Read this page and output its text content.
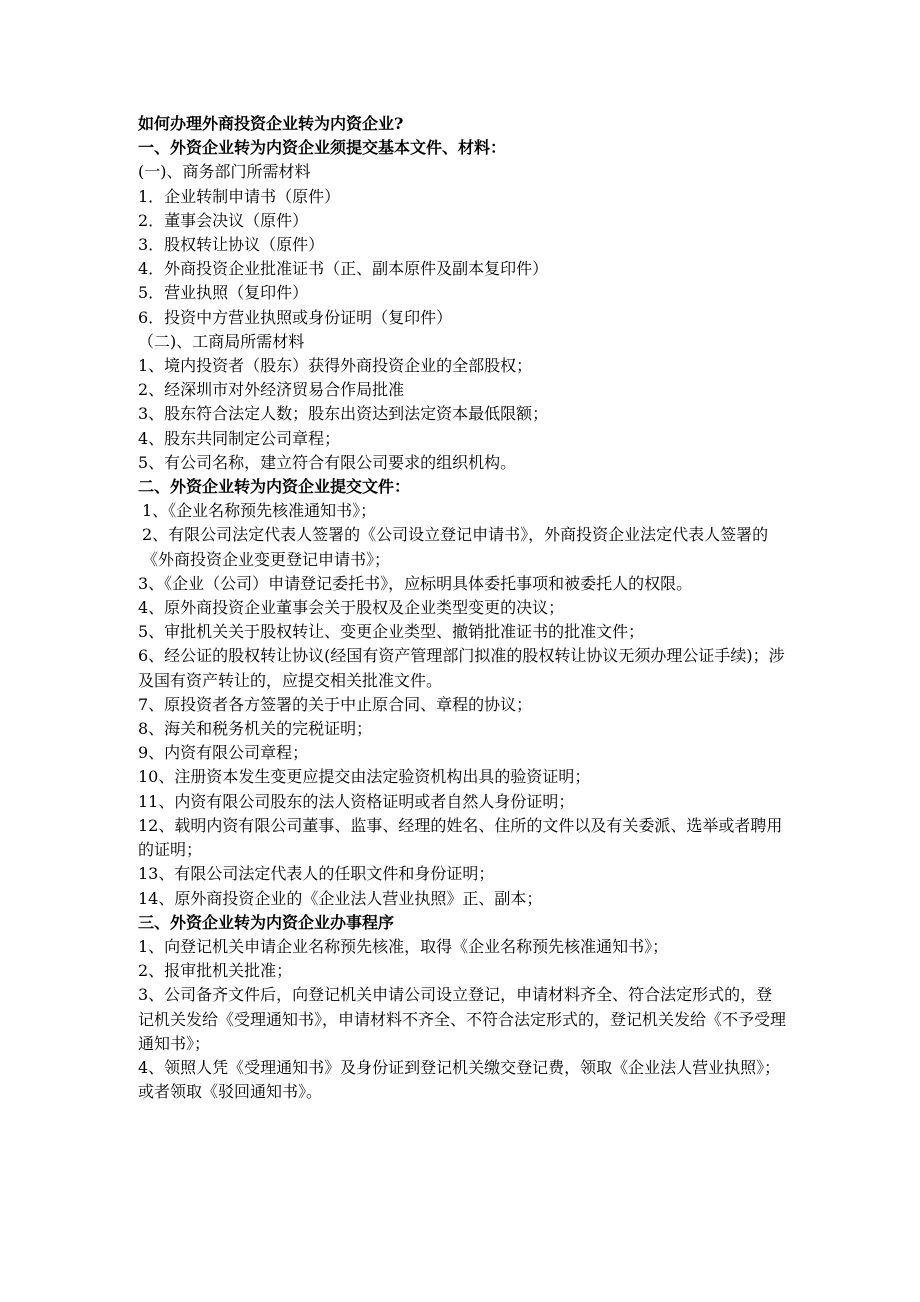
如何办理外商投资企业转为内资企业?

一、外资企业转为内资企业须提交基本文件、材料：

(一)、商务部门所需材料

1．企业转制申请书（原件）

2．董事会决议（原件）

3．股权转让协议（原件）

4．外商投资企业批准证书（正、副本原件及副本复印件）

5．营业执照（复印件）

6．投资中方营业执照或身份证明（复印件）

（二)、工商局所需材料

1、境内投资者（股东）获得外商投资企业的全部股权；

2、经深圳市对外经济贸易合作局批准

3、股东符合法定人数；股东出资达到法定资本最低限额；

4、股东共同制定公司章程；

5、有公司名称，建立符合有限公司要求的组织机构。

二、外资企业转为内资企业提交文件：

1、《企业名称预先核准通知书》；

2、有限公司法定代表人签署的《公司设立登记申请书》，外商投资企业法定代表人签署的《外商投资企业变更登记申请书》；

3、《企业（公司）申请登记委托书》，应标明具体委托事项和被委托人的权限。

4、原外商投资企业董事会关于股权及企业类型变更的决议；

5、审批机关关于股权转让、变更企业类型、撤销批准证书的批准文件；

6、经公证的股权转让协议(经国有资产管理部门拟准的股权转让协议无须办理公证手续)；涉及国有资产转让的，应提交相关批准文件。

7、原投资者各方签署的关于中止原合同、章程的协议；

8、海关和税务机关的完税证明；

9、内资有限公司章程；

10、注册资本发生变更应提交由法定验资机构出具的验资证明；

11、内资有限公司股东的法人资格证明或者自然人身份证明；

12、载明内资有限公司董事、监事、经理的姓名、住所的文件以及有关委派、选举或者聘用的证明；

13、有限公司法定代表人的任职文件和身份证明；

14、原外商投资企业的《企业法人营业执照》正、副本；

三、外资企业转为内资企业办事程序

1、向登记机关申请企业名称预先核准，取得《企业名称预先核准通知书》；

2、报审批机关批准；

3、公司备齐文件后，向登记机关申请公司设立登记，申请材料齐全、符合法定形式的，登记机关发给《受理通知书》，申请材料不齐全、不符合法定形式的，登记机关发给《不予受理通知书》；

4、领照人凭《受理通知书》及身份证到登记机关缴交登记费，领取《企业法人营业执照》；或者领取《驳回通知书》。
